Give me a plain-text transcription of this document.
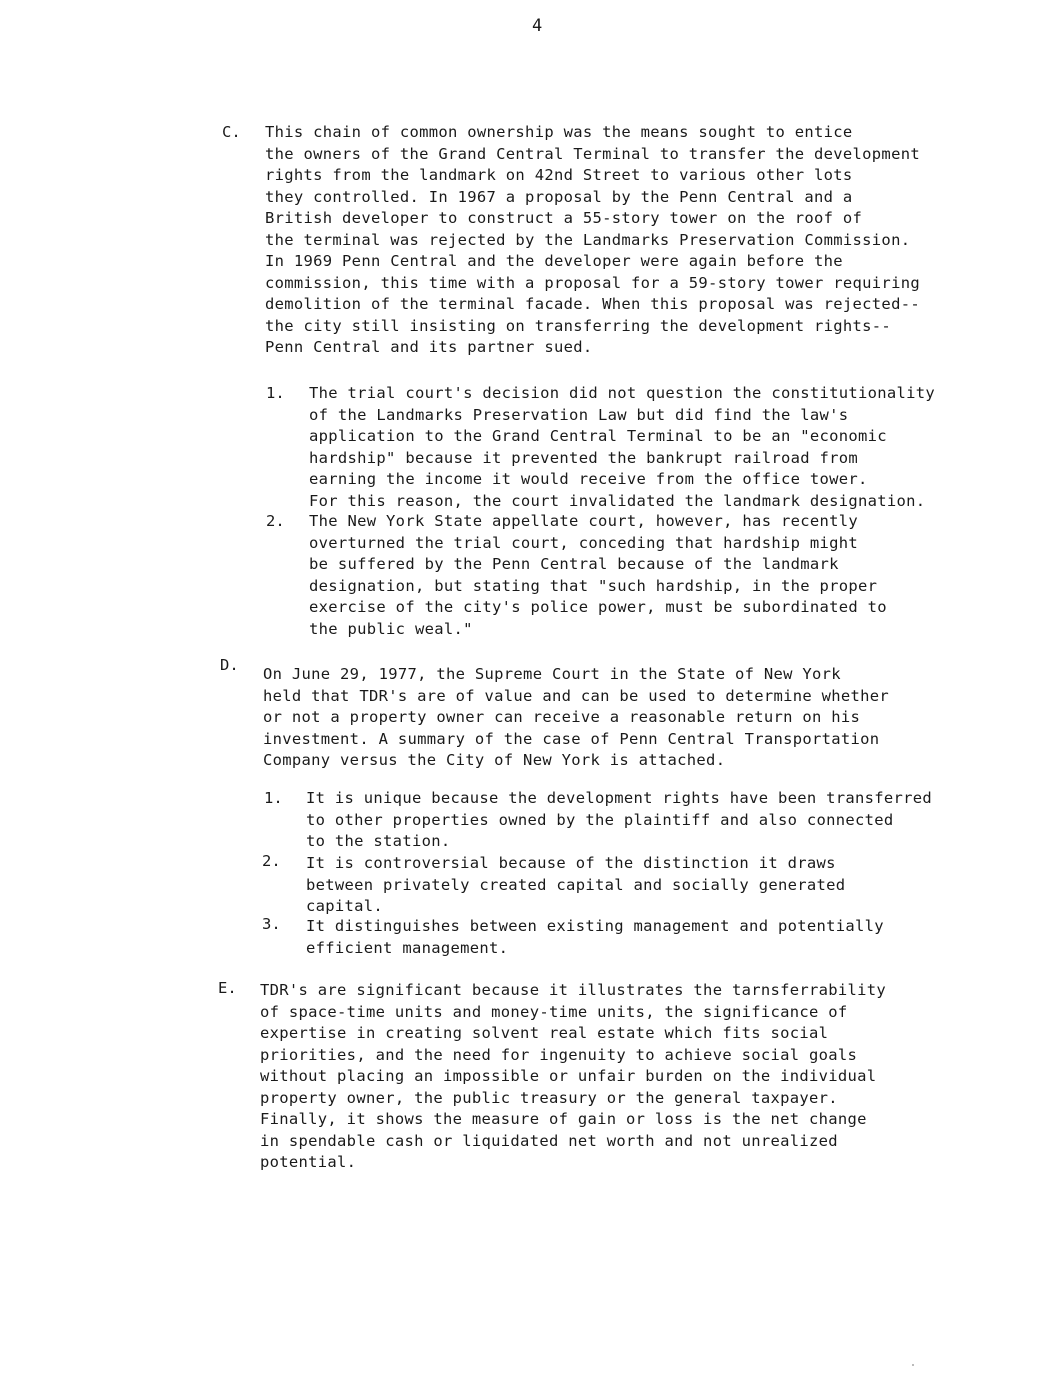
4
C. This chain of common ownership was the means sought to entice
the owners of the Grand Central Terminal to transfer the development
rights from the landmark on 42nd Street to various other lots
they controlled. In 1967 a proposal by the Penn Central and a
British developer to construct a 55-story tower on the roof of
the terminal was rejected by the Landmarks Preservation Commission.
In 1969 Penn Central and the developer were again before the
commission, this time with a proposal for a 59-story tower requiring
demolition of the terminal facade. When this proposal was rejected--
the city still insisting on transferring the development rights--
Penn Central and its partner sued.
1. The trial court's decision did not question the constitutionality
of the Landmarks Preservation Law but did find the law's
application to the Grand Central Terminal to be an "economic
hardship" because it prevented the bankrupt railroad from
earning the income it would receive from the office tower.
For this reason, the court invalidated the landmark designation.
2. The New York State appellate court, however, has recently
overturned the trial court, conceding that hardship might
be suffered by the Penn Central because of the landmark
designation, but stating that "such hardship, in the proper
exercise of the city's police power, must be subordinated to
the public weal."
D. On June 29, 1977, the Supreme Court in the State of New York
held that TDR's are of value and can be used to determine whether
or not a property owner can receive a reasonable return on his
investment. A summary of the case of Penn Central Transportation
Company versus the City of New York is attached.
1. It is unique because the development rights have been transferred
to other properties owned by the plaintiff and also connected
to the station.
2. It is controversial because of the distinction it draws
between privately created capital and socially generated
capital.
3. It distinguishes between existing management and potentially
efficient management.
E. TDR's are significant because it illustrates the tarnsferrability
of space-time units and money-time units, the significance of
expertise in creating solvent real estate which fits social
priorities, and the need for ingenuity to achieve social goals
without placing an impossible or unfair burden on the individual
property owner, the public treasury or the general taxpayer.
Finally, it shows the measure of gain or loss is the net change
in spendable cash or liquidated net worth and not unrealized
potential.
